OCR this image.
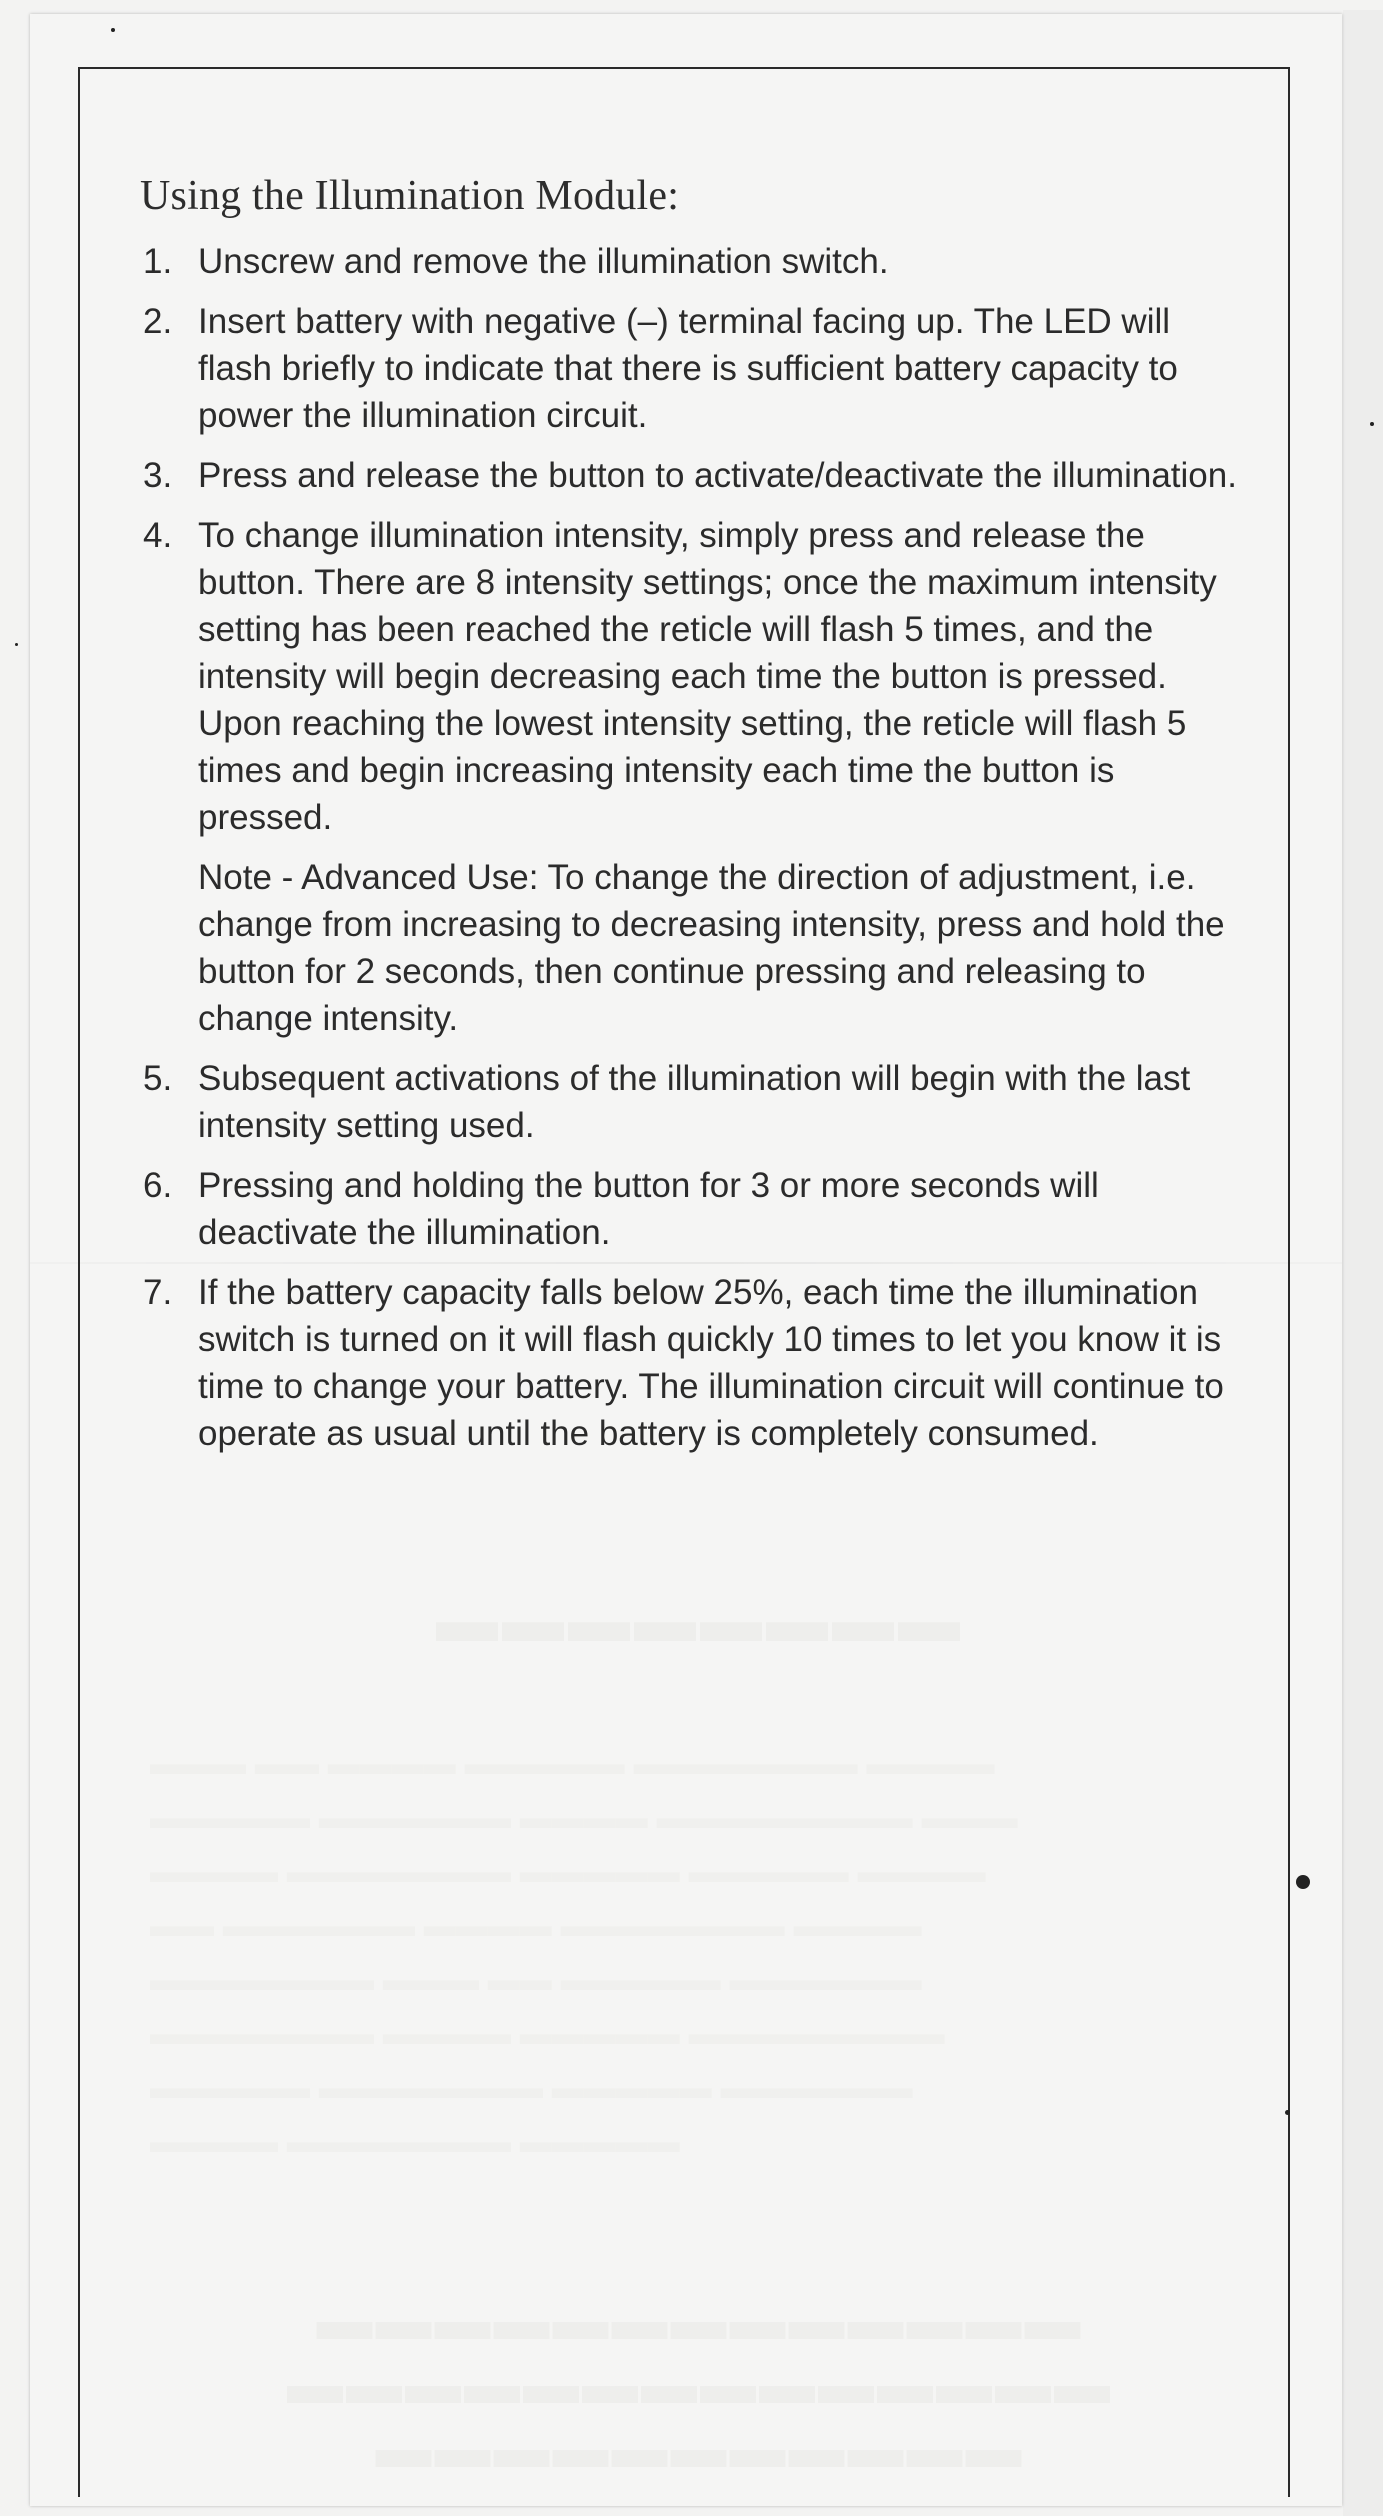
▬▬▬▬▬▬▬▬
▬▬▬ ▬▬ ▬▬▬▬ ▬▬▬▬▬ ▬▬▬▬▬▬▬ ▬▬▬▬
▬▬▬▬▬ ▬▬▬▬▬▬ ▬▬▬▬ ▬▬▬▬▬▬▬▬ ▬▬▬
▬▬▬▬ ▬▬▬▬▬▬▬ ▬▬▬▬▬ ▬▬▬▬▬ ▬▬▬▬
▬▬ ▬▬▬▬▬▬ ▬▬▬▬ ▬▬▬▬▬▬▬ ▬▬▬▬
▬▬▬▬▬▬▬ ▬▬▬ ▬▬ ▬▬▬▬▬ ▬▬▬▬▬▬
▬▬▬▬▬▬▬ ▬▬▬▬ ▬▬▬▬▬ ▬▬▬▬▬▬▬▬
▬▬▬▬▬ ▬▬▬▬▬▬▬ ▬▬▬▬▬ ▬▬▬▬▬▬
▬▬▬▬ ▬▬▬▬▬▬▬ ▬▬▬▬▬
▬▬▬▬▬▬▬▬▬▬▬▬▬
▬▬▬▬▬▬▬▬▬▬▬▬▬▬
▬▬▬▬▬▬▬▬▬▬▬
Using the Illumination Module:
1. Unscrew and remove the illumination switch.
2. Insert battery with negative (–) terminal facing up. The LED will flash briefly to indicate that there is sufficient battery capacity to power the illumination circuit.
3. Press and release the button to activate/deactivate the illumination.
4. To change illumination intensity, simply press and release the button. There are 8 intensity settings; once the maximum intensity setting has been reached the reticle will flash 5 times, and the intensity will begin decreasing each time the button is pressed. Upon reaching the lowest intensity setting, the reticle will flash 5 times and begin increasing intensity each time the button is pressed.
Note - Advanced Use: To change the direction of adjustment, i.e. change from increasing to decreasing intensity, press and hold the button for 2 seconds, then continue pressing and releasing to change intensity.
5. Subsequent activations of the illumination will begin with the last intensity setting used.
6. Pressing and holding the button for 3 or more seconds will deactivate the illumination.
7. If the battery capacity falls below 25%, each time the illumination switch is turned on it will flash quickly 10 times to let you know it is time to change your battery. The illumination circuit will continue to operate as usual until the battery is completely consumed.
